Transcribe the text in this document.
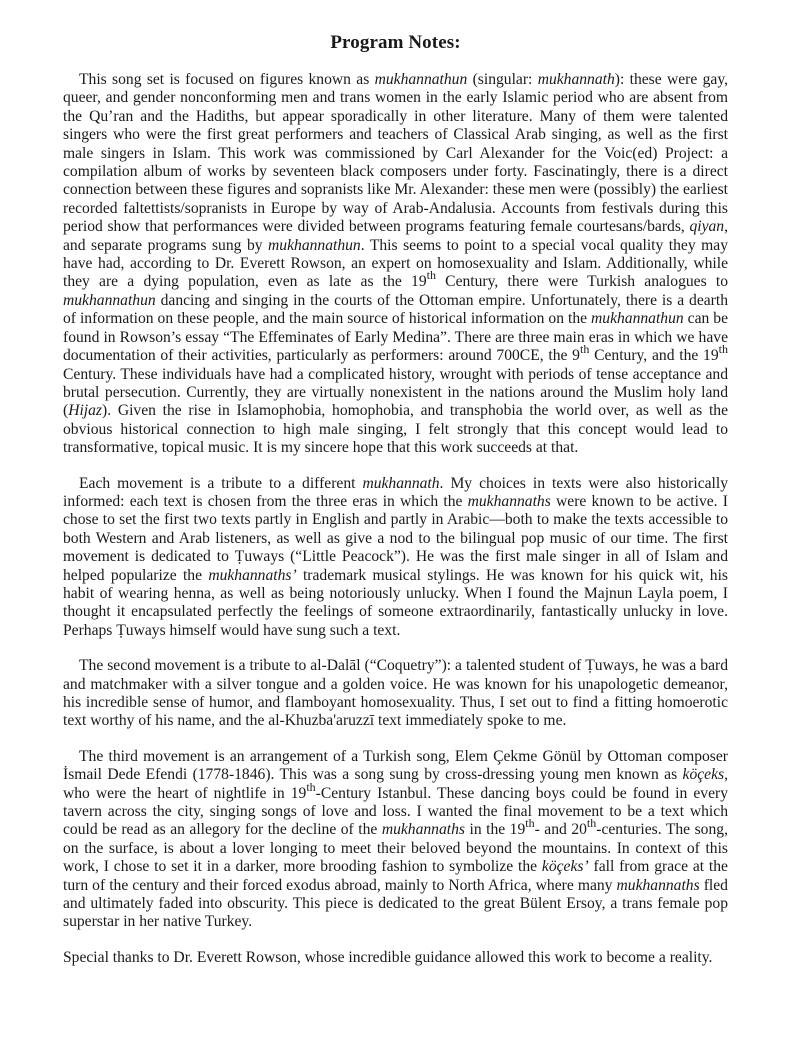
Program Notes:

This song set is focused on figures known as mukhannathun (singular: mukhannath): these were gay, queer, and gender nonconforming men and trans women in the early Islamic period who are absent from the Qu’ran and the Hadiths, but appear sporadically in other literature. Many of them were talented singers who were the first great performers and teachers of Classical Arab singing, as well as the first male singers in Islam. This work was commissioned by Carl Alexander for the Voic(ed) Project: a compilation album of works by seventeen black composers under forty. Fascinatingly, there is a direct connection between these figures and sopranists like Mr. Alexander: these men were (possibly) the earliest recorded faltettists/sopranists in Europe by way of Arab-Andalusia. Accounts from festivals during this period show that performances were divided between programs featuring female courtesans/bards, qiyan, and separate programs sung by mukhannathun. This seems to point to a special vocal quality they may have had, according to Dr. Everett Rowson, an expert on homosexuality and Islam. Additionally, while they are a dying population, even as late as the 19th Century, there were Turkish analogues to mukhannathun dancing and singing in the courts of the Ottoman empire. Unfortunately, there is a dearth of information on these people, and the main source of historical information on the mukhannathun can be found in Rowson’s essay “The Effeminates of Early Medina”. There are three main eras in which we have documentation of their activities, particularly as performers: around 700CE, the 9th Century, and the 19th Century. These individuals have had a complicated history, wrought with periods of tense acceptance and brutal persecution. Currently, they are virtually nonexistent in the nations around the Muslim holy land (Hijaz). Given the rise in Islamophobia, homophobia, and transphobia the world over, as well as the obvious historical connection to high male singing, I felt strongly that this concept would lead to transformative, topical music. It is my sincere hope that this work succeeds at that.

Each movement is a tribute to a different mukhannath. My choices in texts were also historically informed: each text is chosen from the three eras in which the mukhannaths were known to be active. I chose to set the first two texts partly in English and partly in Arabic—both to make the texts accessible to both Western and Arab listeners, as well as give a nod to the bilingual pop music of our time. The first movement is dedicated to Ṭuways (“Little Peacock”). He was the first male singer in all of Islam and helped popularize the mukhannaths’ trademark musical stylings. He was known for his quick wit, his habit of wearing henna, as well as being notoriously unlucky. When I found the Majnun Layla poem, I thought it encapsulated perfectly the feelings of someone extraordinarily, fantastically unlucky in love. Perhaps Ṭuways himself would have sung such a text.

The second movement is a tribute to al-Dalāl (“Coquetry”): a talented student of Ṭuways, he was a bard and matchmaker with a silver tongue and a golden voice. He was known for his unapologetic demeanor, his incredible sense of humor, and flamboyant homosexuality. Thus, I set out to find a fitting homoerotic text worthy of his name, and the al-Khuzba'aruzzī text immediately spoke to me.

The third movement is an arrangement of a Turkish song, Elem Çekme Gönül by Ottoman composer İsmail Dede Efendi (1778-1846). This was a song sung by cross-dressing young men known as köçeks, who were the heart of nightlife in 19th-Century Istanbul. These dancing boys could be found in every tavern across the city, singing songs of love and loss. I wanted the final movement to be a text which could be read as an allegory for the decline of the mukhannaths in the 19th- and 20th-centuries. The song, on the surface, is about a lover longing to meet their beloved beyond the mountains. In context of this work, I chose to set it in a darker, more brooding fashion to symbolize the köçeks’ fall from grace at the turn of the century and their forced exodus abroad, mainly to North Africa, where many mukhannaths fled and ultimately faded into obscurity. This piece is dedicated to the great Bülent Ersoy, a trans female pop superstar in her native Turkey.

Special thanks to Dr. Everett Rowson, whose incredible guidance allowed this work to become a reality.
